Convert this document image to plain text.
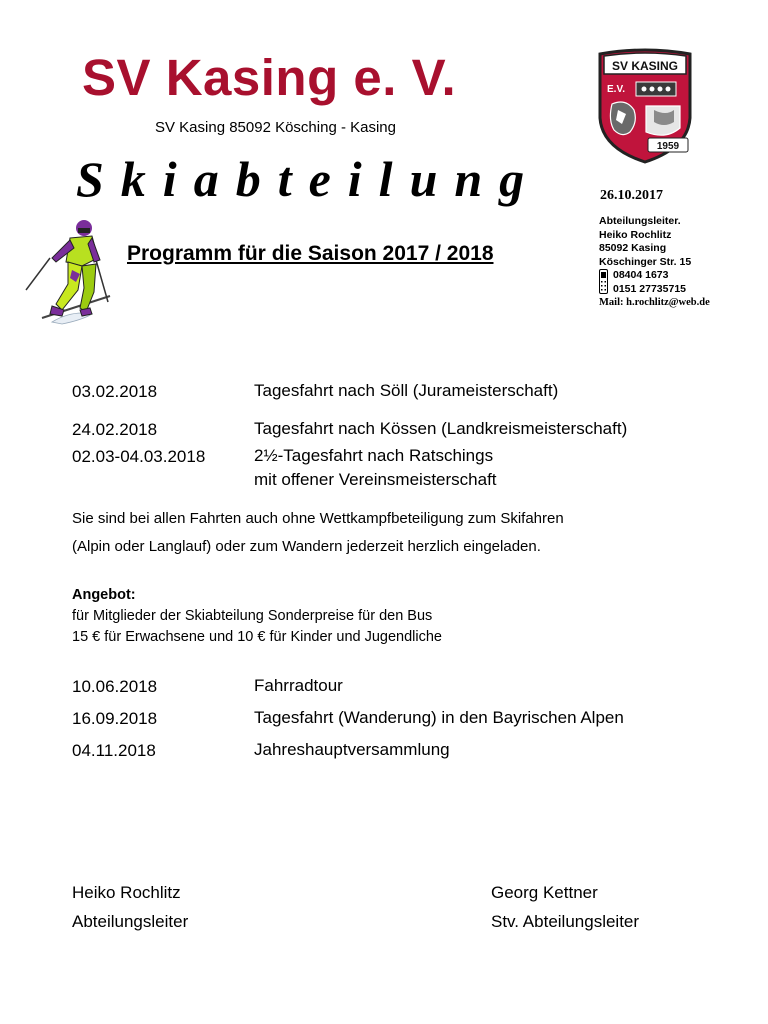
SV Kasing e. V.
SV Kasing 85092 Kösching - Kasing
Skiabteilung
Programm für die Saison 2017 / 2018
SV KASING
E.V.
1959
26.10.2017
Abteilungsleiter.
Heiko Rochlitz
85092 Kasing
Köschinger Str. 15
08404 1673
0151 27735715
Mail: h.rochlitz@web.de
03.02.2018	Tagesfahrt nach Söll (Jurameisterschaft)
24.02.2018	Tagesfahrt nach Kössen (Landkreismeisterschaft)
02.03-04.03.2018	2½-Tagesfahrt nach Ratschings
mit offener Vereinsmeisterschaft
Sie sind bei allen Fahrten auch ohne Wettkampfbeteiligung zum Skifahren
(Alpin oder Langlauf) oder zum Wandern jederzeit herzlich eingeladen.
Angebot:
für Mitglieder der Skiabteilung Sonderpreise für den Bus
15 € für Erwachsene und 10 € für Kinder und Jugendliche
10.06.2018	Fahrradtour
16.09.2018	Tagesfahrt (Wanderung) in den Bayrischen Alpen
04.11.2018	Jahreshauptversammlung
Heiko Rochlitz
Abteilungsleiter
Georg Kettner
Stv. Abteilungsleiter
